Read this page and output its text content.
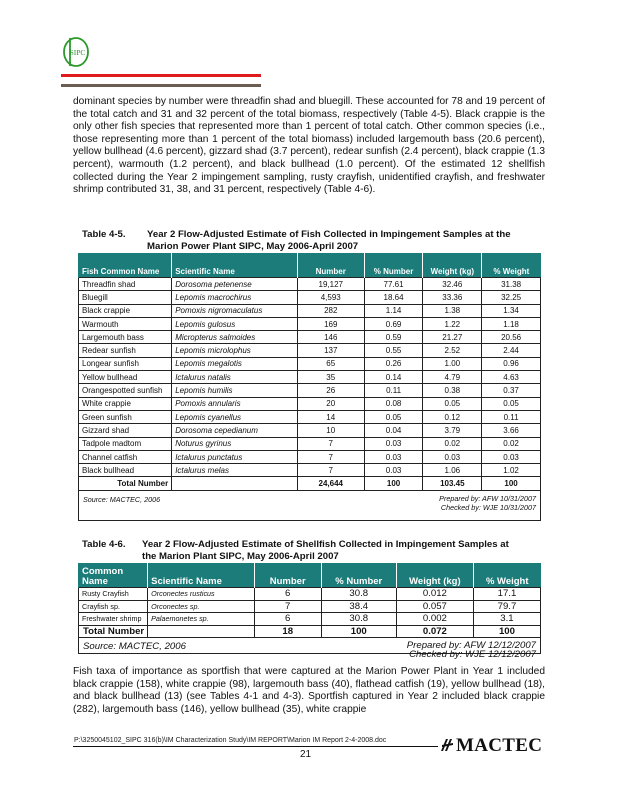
SIPC

dominant species by number were threadfin shad and bluegill. These accounted for 78 and 19 percent of the total catch and 31 and 32 percent of the total biomass, respectively (Table 4-5). Black crappie is the only other fish species that represented more than 1 percent of total catch. Other common species (i.e., those representing more than 1 percent of the total biomass) included largemouth bass (20.6 percent), yellow bullhead (4.6 percent), gizzard shad (3.7 percent), redear sunfish (2.4 percent), black crappie (1.3 percent), warmouth (1.2 percent), and black bullhead (1.0 percent). Of the estimated 12 shellfish collected during the Year 2 impingement sampling, rusty crayfish, unidentified crayfish, and freshwater shrimp contributed 31, 38, and 31 percent, respectively (Table 4-6).

Table 4-5. Year 2 Flow-Adjusted Estimate of Fish Collected in Impingement Samples at the
Marion Power Plant SIPC, May 2006-April 2007
Fish Common Name	Scientific Name	Number	% Number	Weight (kg)	% Weight
Threadfin shad	Dorosoma petenense	19,127	77.61	32.46	31.38
Bluegill	Lepomis macrochirus	4,593	18.64	33.36	32.25
Black crappie	Pomoxis nigromaculatus	282	1.14	1.38	1.34
Warmouth	Lepomis gulosus	169	0.69	1.22	1.18
Largemouth bass	Micropterus salmoides	146	0.59	21.27	20.56
Redear sunfish	Lepomis microlophus	137	0.55	2.52	2.44
Longear sunfish	Lepomis megalotis	65	0.26	1.00	0.96
Yellow bullhead	Ictalurus natalis	35	0.14	4.79	4.63
Orangespotted sunfish	Lepomis humilis	26	0.11	0.38	0.37
White crappie	Pomoxis annularis	20	0.08	0.05	0.05
Green sunfish	Lepomis cyanellus	14	0.05	0.12	0.11
Gizzard shad	Dorosoma cepedianum	10	0.04	3.79	3.66
Tadpole madtom	Noturus gyrinus	7	0.03	0.02	0.02
Channel catfish	Ictalurus punctatus	7	0.03	0.03	0.03
Black bullhead	Ictalurus melas	7	0.03	1.06	1.02
Total Number		24,644	100	103.45	100

Source: MACTEC, 2006 Prepared by: AFW 10/31/2007
Checked by: WJE 10/31/2007					
Table 4-6. Year 2 Flow-Adjusted Estimate of Shellfish Collected in Impingement Samples at
the Marion Plant SIPC, May 2006-April 2007
Common Name	Scientific Name	Number	% Number	Weight (kg)	% Weight
Rusty Crayfish	Orconectes rusticus	6	30.8	0.012	17.1
Crayfish sp.	Orconectes sp.	7	38.4	0.057	79.7
Freshwater shrimp	Palaemonetes sp.	6	30.8	0.002	3.1
Total Number		18	100	0.072	100

Source: MACTEC, 2006 Prepared by: AFW 12/12/2007
Checked by: WJE 12/12/2007					

Fish taxa of importance as sportfish that were captured at the Marion Power Plant in Year 1 included black crappie (158), white crappie (98), largemouth bass (40), flathead catfish (19), yellow bullhead (18), and black bullhead (13) (see Tables 4-1 and 4-3). Sportfish captured in Year 2 included black crappie (282), largemouth bass (146), yellow bullhead (35), white crappie

P:\3250045102_SIPC 316(b)\IM Characterization Study\IM REPORT\Marion IM Report 2-4-2008.doc
21	MACTEC
